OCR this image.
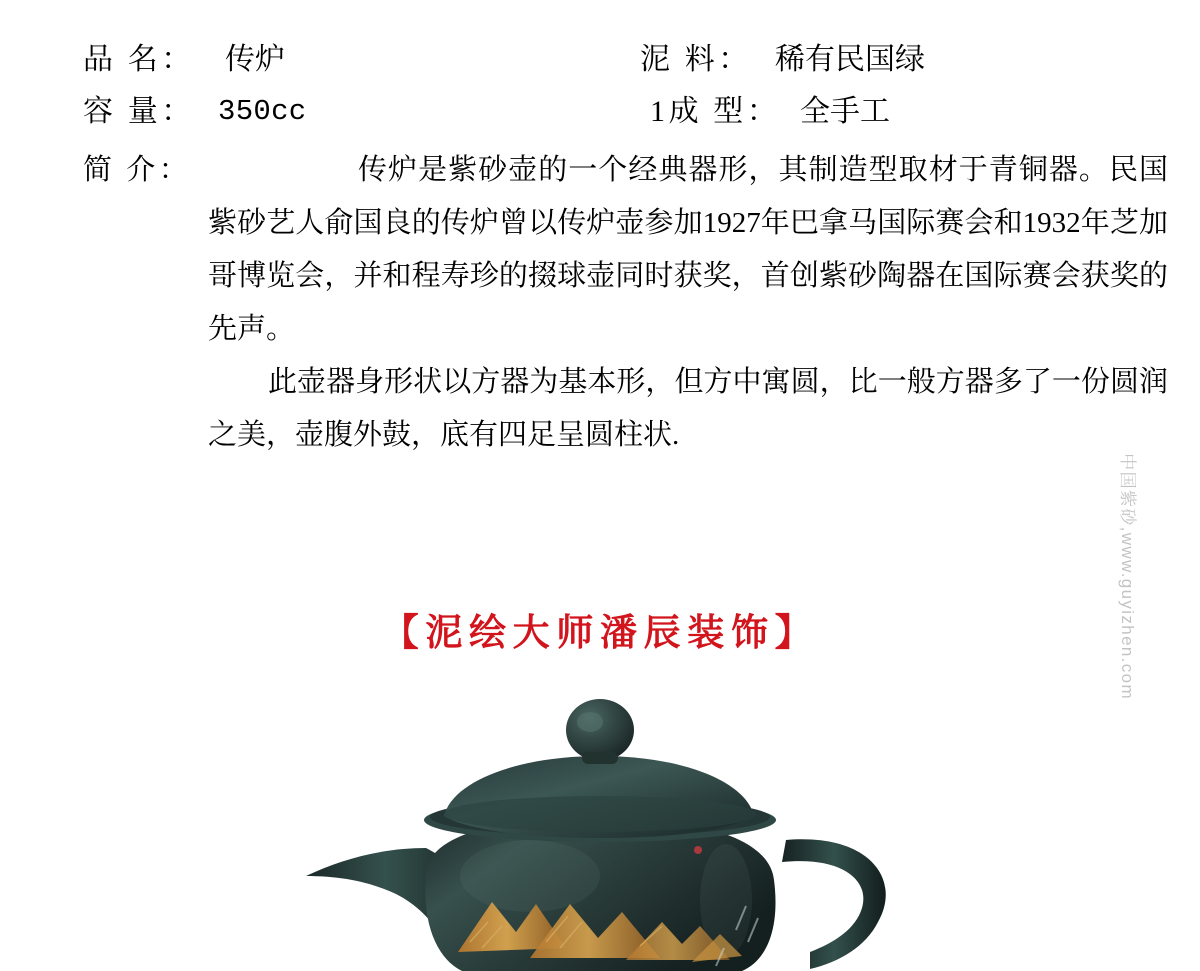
品 名： 传炉	泥 料： 稀有民国绿
容 量： 350cc	1成 型： 全手工
简 介：	传炉是紫砂壶的一个经典器形，其制造型取材于青铜器。民国紫砂艺人俞国良的传炉曾以传炉壶参加1927年巴拿马国际赛会和1932年芝加哥博览会，并和程寿珍的掇球壶同时获奖，首创紫砂陶器在国际赛会获奖的先声。

此壶器身形状以方器为基本形，但方中寓圆，比一般方器多了一份圆润之美，壶腹外鼓，底有四足呈圆柱状.

【泥绘大师潘辰装饰】	中国紫砂,www.guyizhen.com
